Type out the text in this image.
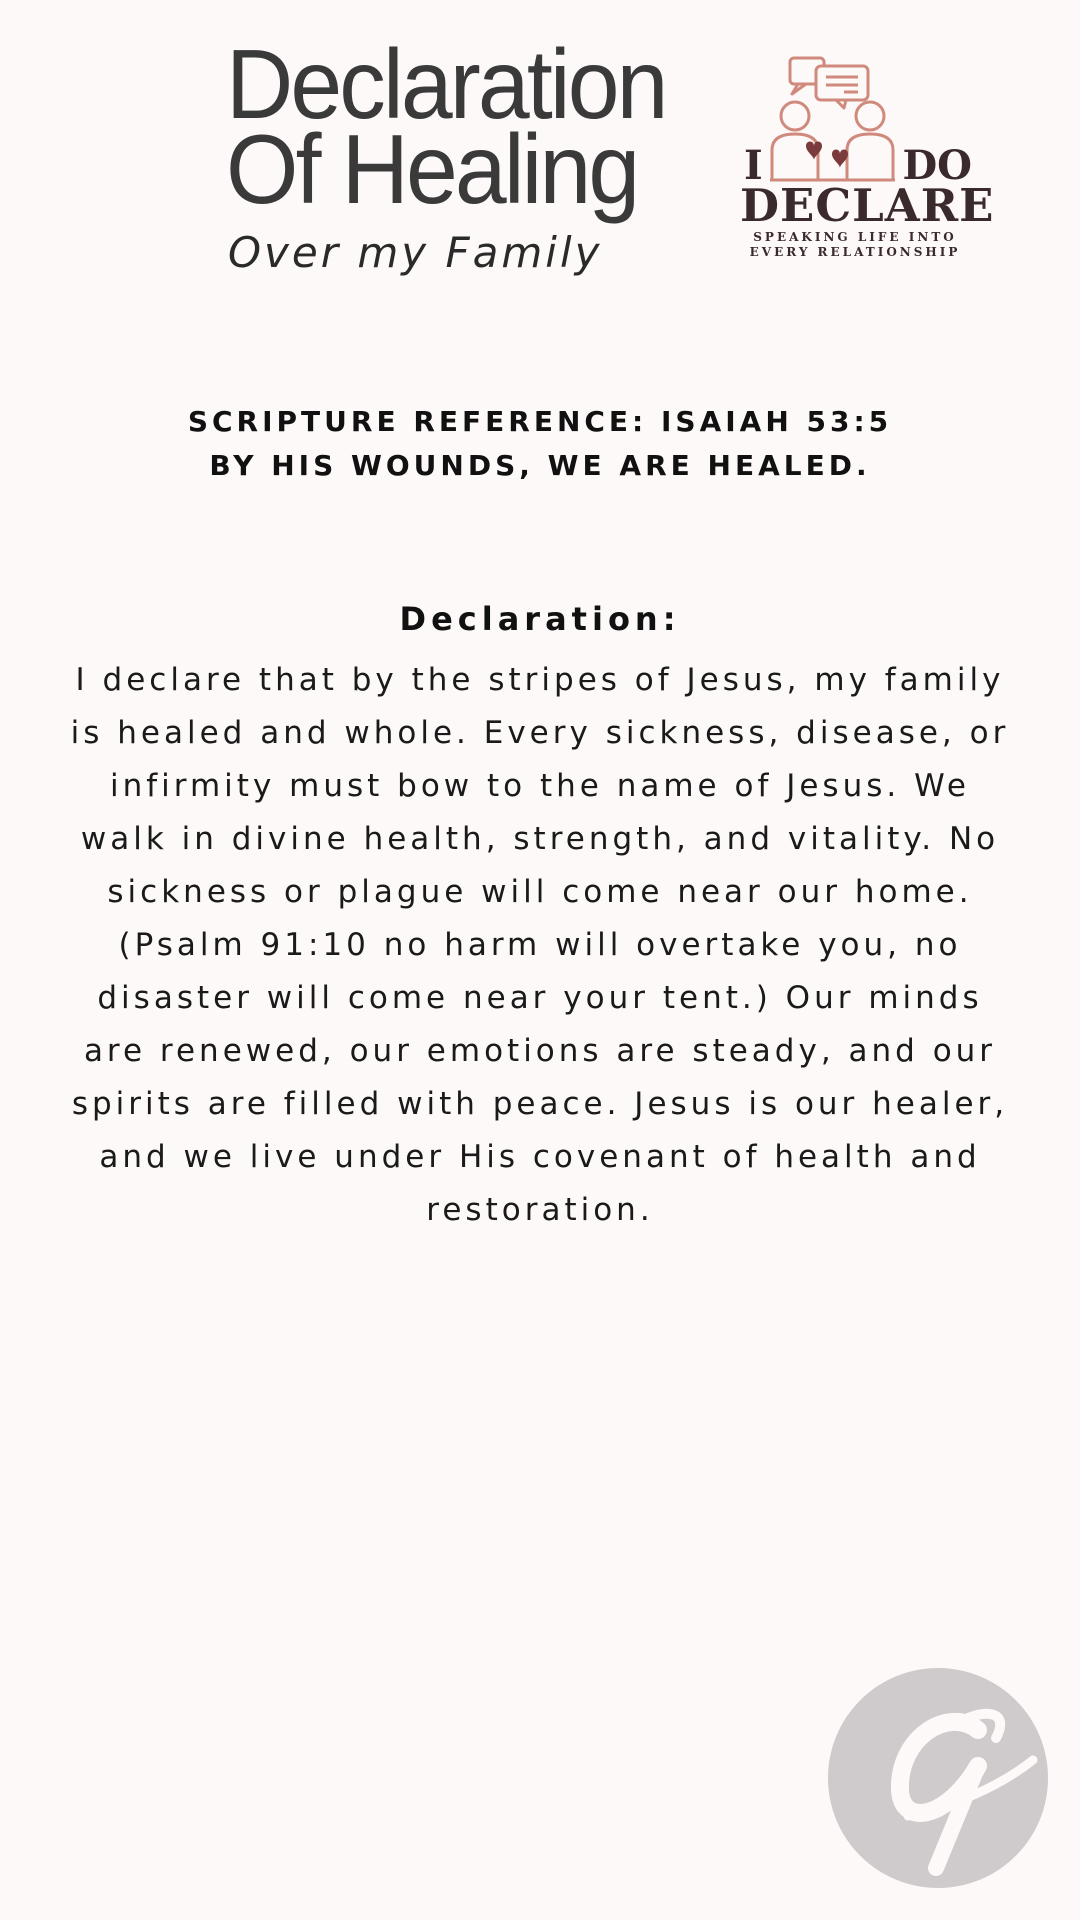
Declaration
Of Healing
Over my Family
I	DO
DECLARE
SPEAKING LIFE INTO
EVERY RELATIONSHIP
SCRIPTURE REFERENCE: ISAIAH 53:5
BY HIS WOUNDS, WE ARE HEALED.
Declaration:

I declare that by the stripes of Jesus, my family is healed and whole. Every sickness, disease, or infirmity must bow to the name of Jesus. We walk in divine health, strength, and vitality. No sickness or plague will come near our home. (Psalm 91:10 no harm will overtake you, no disaster will come near your tent.) Our minds are renewed, our emotions are steady, and our spirits are filled with peace. Jesus is our healer, and we live under His covenant of health and restoration.
